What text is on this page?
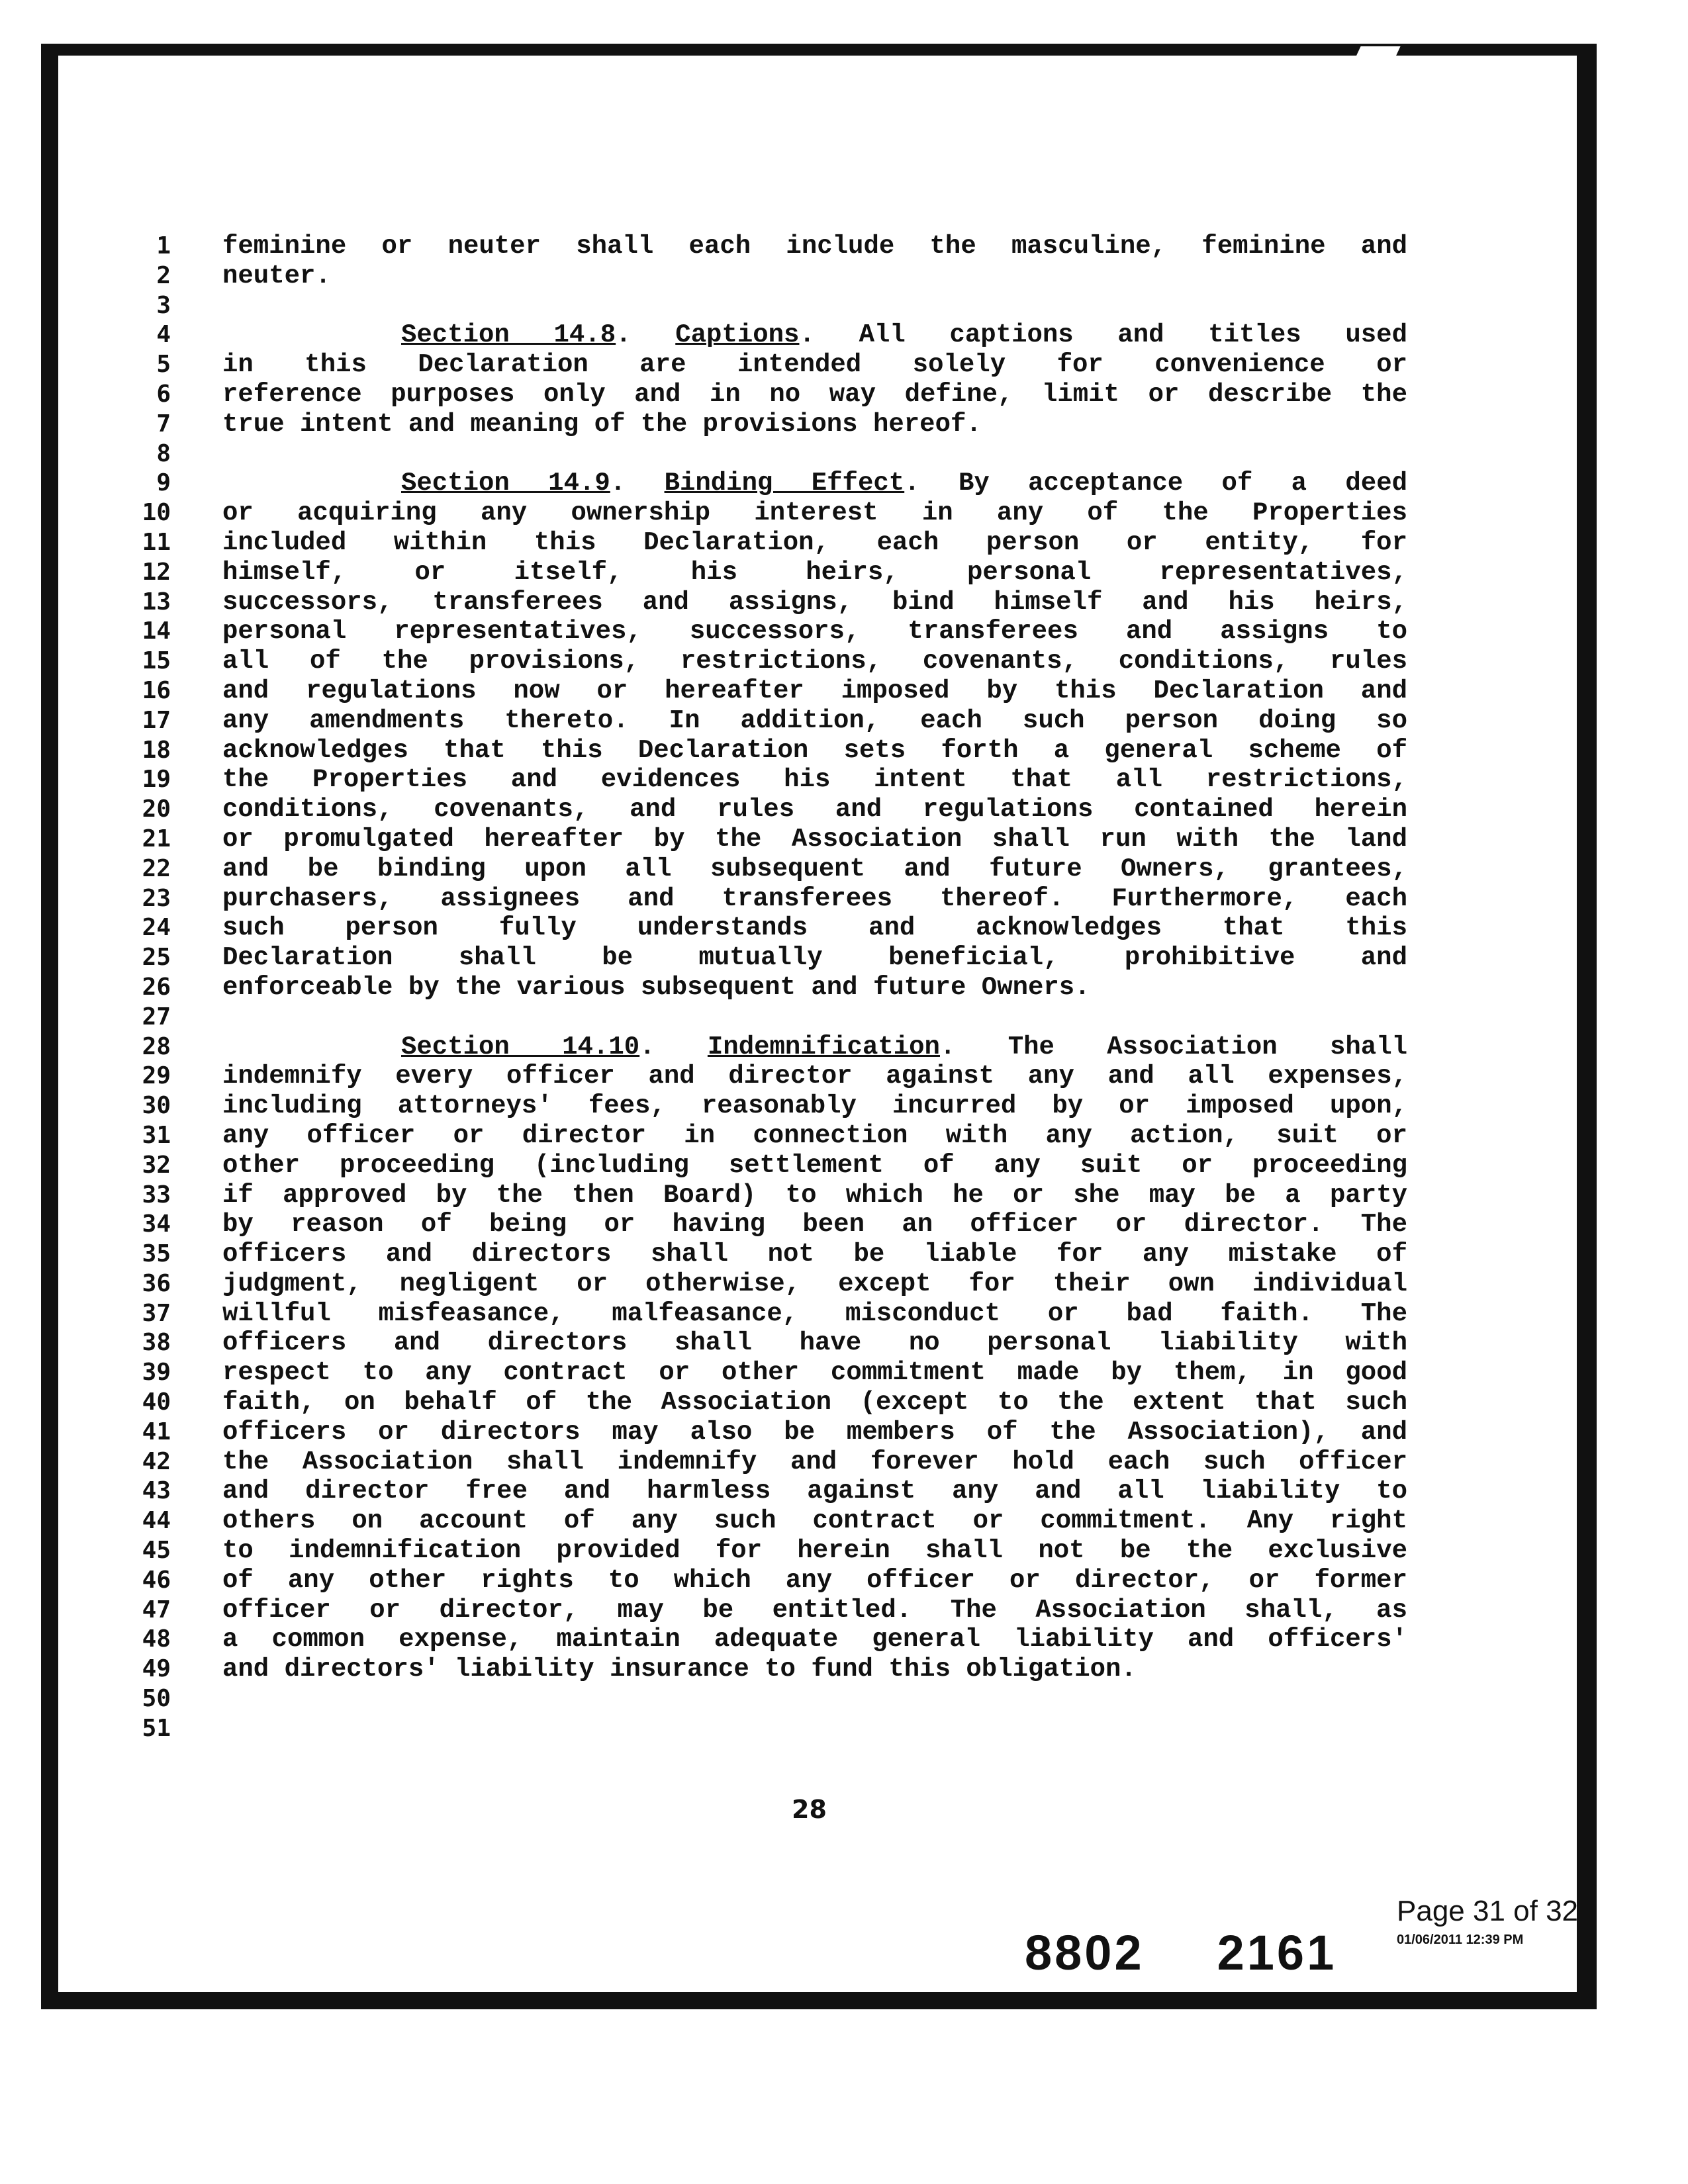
1
2
3
4
5
6
7
8
9
10
11
12
13
14
15
16
17
18
19
20
21
22
23
24
25
26
27
28
29
30
31
32
33
34
35
36
37
38
39
40
41
42
43
44
45
46
47
48
49
50
51
feminine or neuter shall each include the masculine, feminine and
neuter.
Section 14.8. Captions. All captions and titles used
in this Declaration are intended solely for convenience or
reference purposes only and in no way define, limit or describe the
true intent and meaning of the provisions hereof.
Section 14.9. Binding Effect. By acceptance of a deed
or acquiring any ownership interest in any of the Properties
included within this Declaration, each person or entity, for
himself, or itself, his heirs, personal representatives,
successors, transferees and assigns, bind himself and his heirs,
personal representatives, successors, transferees and assigns to
all of the provisions, restrictions, covenants, conditions, rules
and regulations now or hereafter imposed by this Declaration and
any amendments thereto. In addition, each such person doing so
acknowledges that this Declaration sets forth a general scheme of
the Properties and evidences his intent that all restrictions,
conditions, covenants, and rules and regulations contained herein
or promulgated hereafter by the Association shall run with the land
and be binding upon all subsequent and future Owners, grantees,
purchasers, assignees and transferees thereof. Furthermore, each
such person fully understands and acknowledges that this
Declaration shall be mutually beneficial, prohibitive and
enforceable by the various subsequent and future Owners.
Section 14.10. Indemnification. The Association shall
indemnify every officer and director against any and all expenses,
including attorneys' fees, reasonably incurred by or imposed upon,
any officer or director in connection with any action, suit or
other proceeding (including settlement of any suit or proceeding
if approved by the then Board) to which he or she may be a party
by reason of being or having been an officer or director. The
officers and directors shall not be liable for any mistake of
judgment, negligent or otherwise, except for their own individual
willful misfeasance, malfeasance, misconduct or bad faith. The
officers and directors shall have no personal liability with
respect to any contract or other commitment made by them, in good
faith, on behalf of the Association (except to the extent that such
officers or directors may also be members of the Association), and
the Association shall indemnify and forever hold each such officer
and director free and harmless against any and all liability to
others on account of any such contract or commitment. Any right
to indemnification provided for herein shall not be the exclusive
of any other rights to which any officer or director, or former
officer or director, may be entitled. The Association shall, as
a common expense, maintain adequate general liability and officers'
and directors' liability insurance to fund this obligation.
28
Page 31 of 32
01/06/2011 12:39 PM
8802 2161
